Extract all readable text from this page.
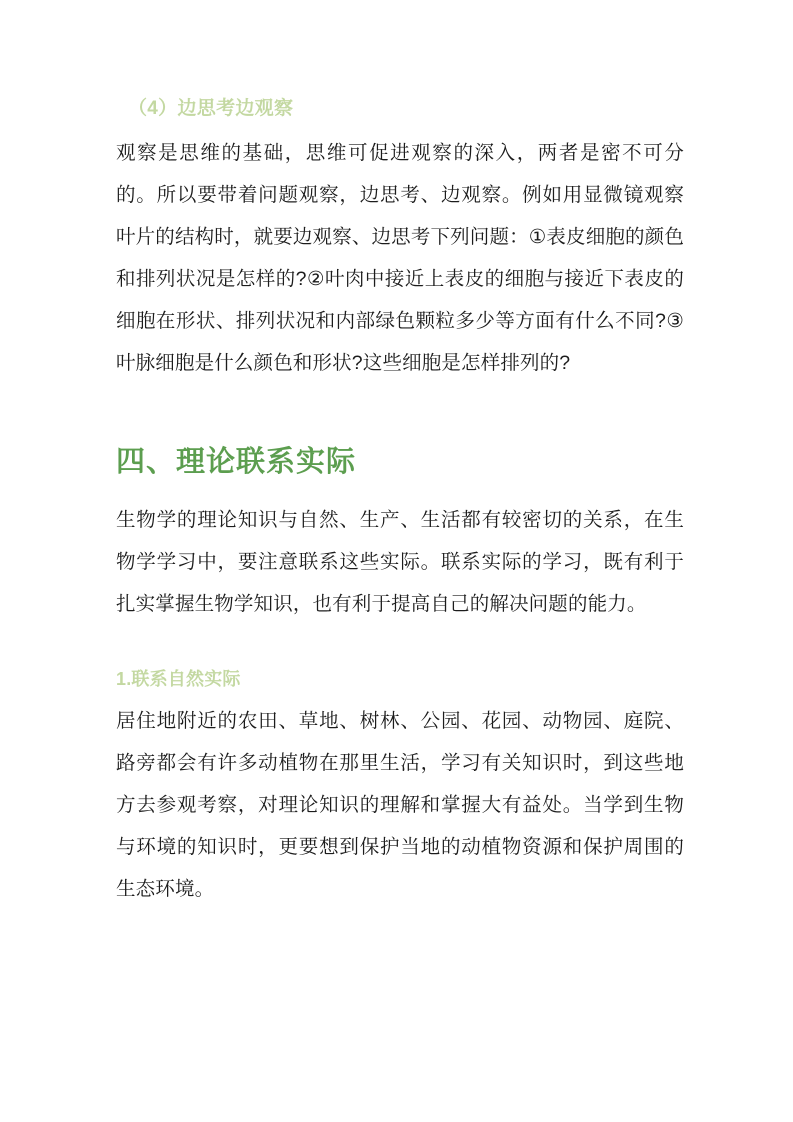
（4）边思考边观察

观察是思维的基础，思维可促进观察的深入，两者是密不可分的。所以要带着问题观察，边思考、边观察。例如用显微镜观察叶片的结构时，就要边观察、边思考下列问题：①表皮细胞的颜色和排列状况是怎样的?②叶肉中接近上表皮的细胞与接近下表皮的细胞在形状、排列状况和内部绿色颗粒多少等方面有什么不同?③叶脉细胞是什么颜色和形状?这些细胞是怎样排列的?

四、理论联系实际

生物学的理论知识与自然、生产、生活都有较密切的关系，在生物学学习中，要注意联系这些实际。联系实际的学习，既有利于扎实掌握生物学知识，也有利于提高自己的解决问题的能力。

1.联系自然实际

居住地附近的农田、草地、树林、公园、花园、动物园、庭院、路旁都会有许多动植物在那里生活，学习有关知识时，到这些地方去参观考察，对理论知识的理解和掌握大有益处。当学到生物与环境的知识时，更要想到保护当地的动植物资源和保护周围的生态环境。
